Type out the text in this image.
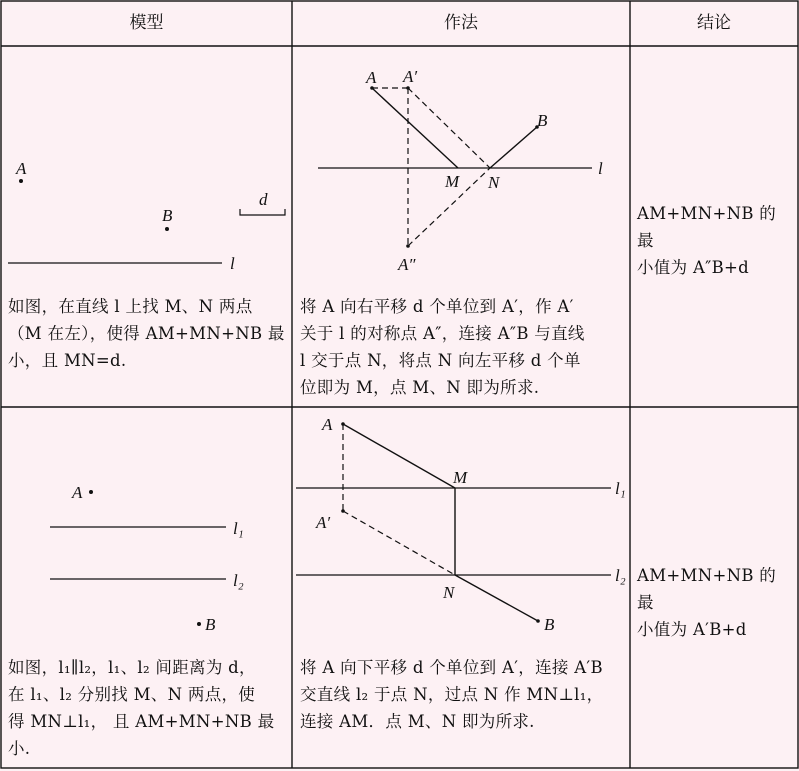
A
B
d
l
l
A A′
A″
B
M N
A
l₁
l₂
B
l₁
l₂
A
A′
M
N
B
模型	作法	结论
如图，在直线 l 上找 M、N 两点
（M 在左），使得 AM+MN+NB 最
小，且 MN=d.
将 A 向右平移 d 个单位到 A′，作 A′
关于 l 的对称点 A″，连接 A″B 与直线
l 交于点 N，将点 N 向左平移 d 个单
位即为 M，点 M、N 即为所求.
AM+MN+NB 的 最
小值为 A″B+d
如图，l₁∥l₂，l₁、l₂ 间距离为 d，
在 l₁、l₂ 分别找 M、N 两点，使
得 MN⊥l₁， 且 AM+MN+NB 最
小.
将 A 向下平移 d 个单位到 A′，连接 A′B
交直线 l₂ 于点 N，过点 N 作 MN⊥l₁，
连接 AM．点 M、N 即为所求.
AM+MN+NB 的 最
小值为 A′B+d
